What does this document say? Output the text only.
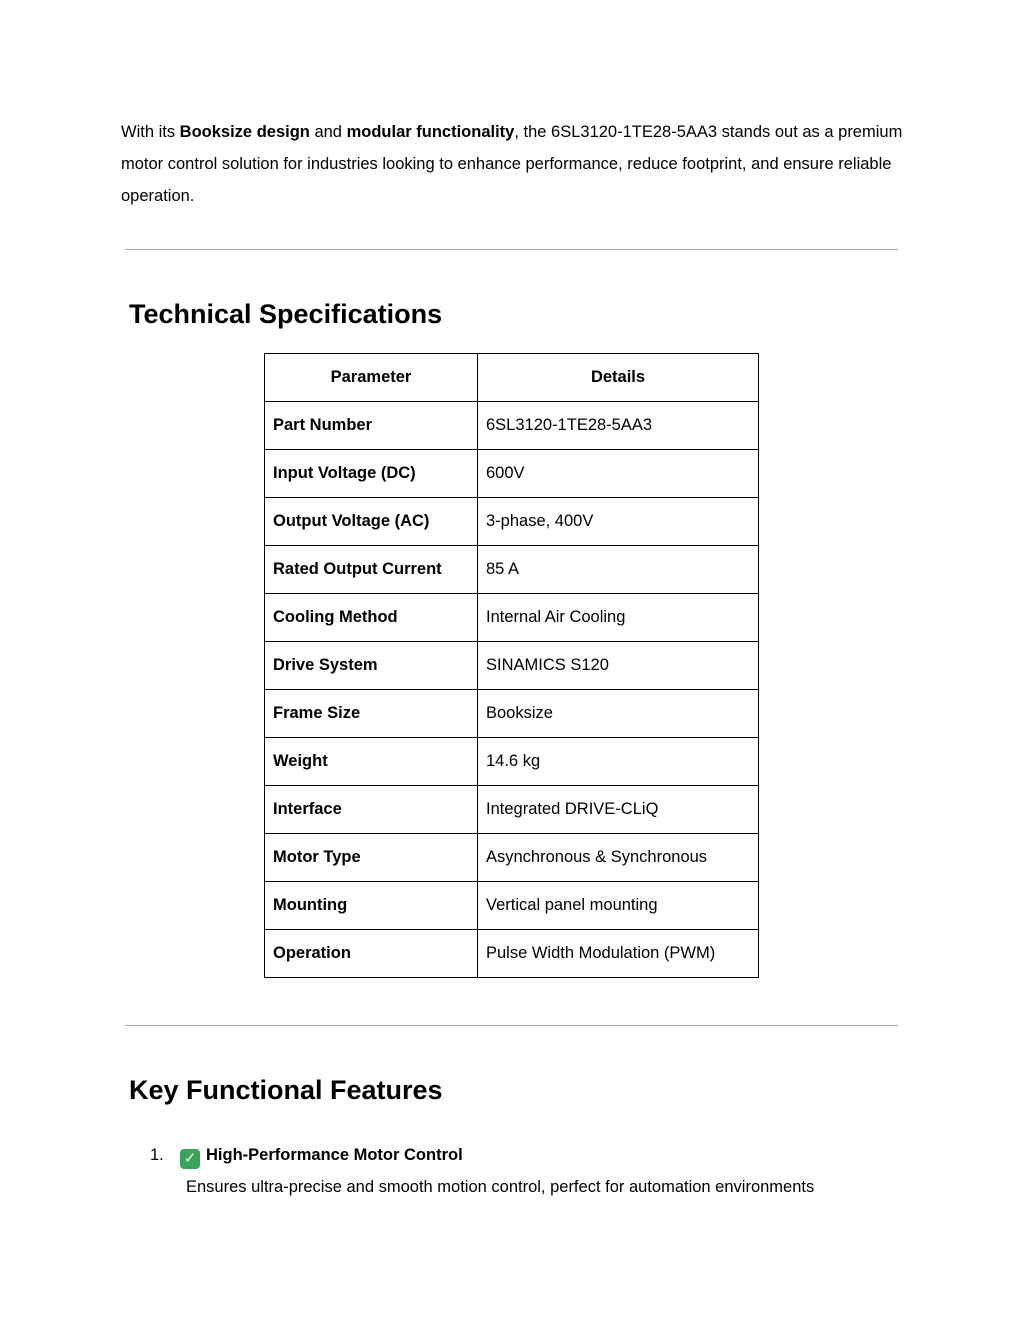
With its Booksize design and modular functionality, the 6SL3120-1TE28-5AA3 stands out as a premium motor control solution for industries looking to enhance performance, reduce footprint, and ensure reliable operation.

Technical Specifications
Parameter	Details
Part Number	6SL3120-1TE28-5AA3
Input Voltage (DC)	600V
Output Voltage (AC)	3-phase, 400V
Rated Output Current	85 A
Cooling Method	Internal Air Cooling
Drive System	SINAMICS S120
Frame Size	Booksize
Weight	14.6 kg
Interface	Integrated DRIVE-CLiQ
Motor Type	Asynchronous & Synchronous
Mounting	Vertical panel mounting
Operation	Pulse Width Modulation (PWM)
Key Functional Features
1. ✓ High-Performance Motor Control
Ensures ultra-precise and smooth motion control, perfect for automation environments
